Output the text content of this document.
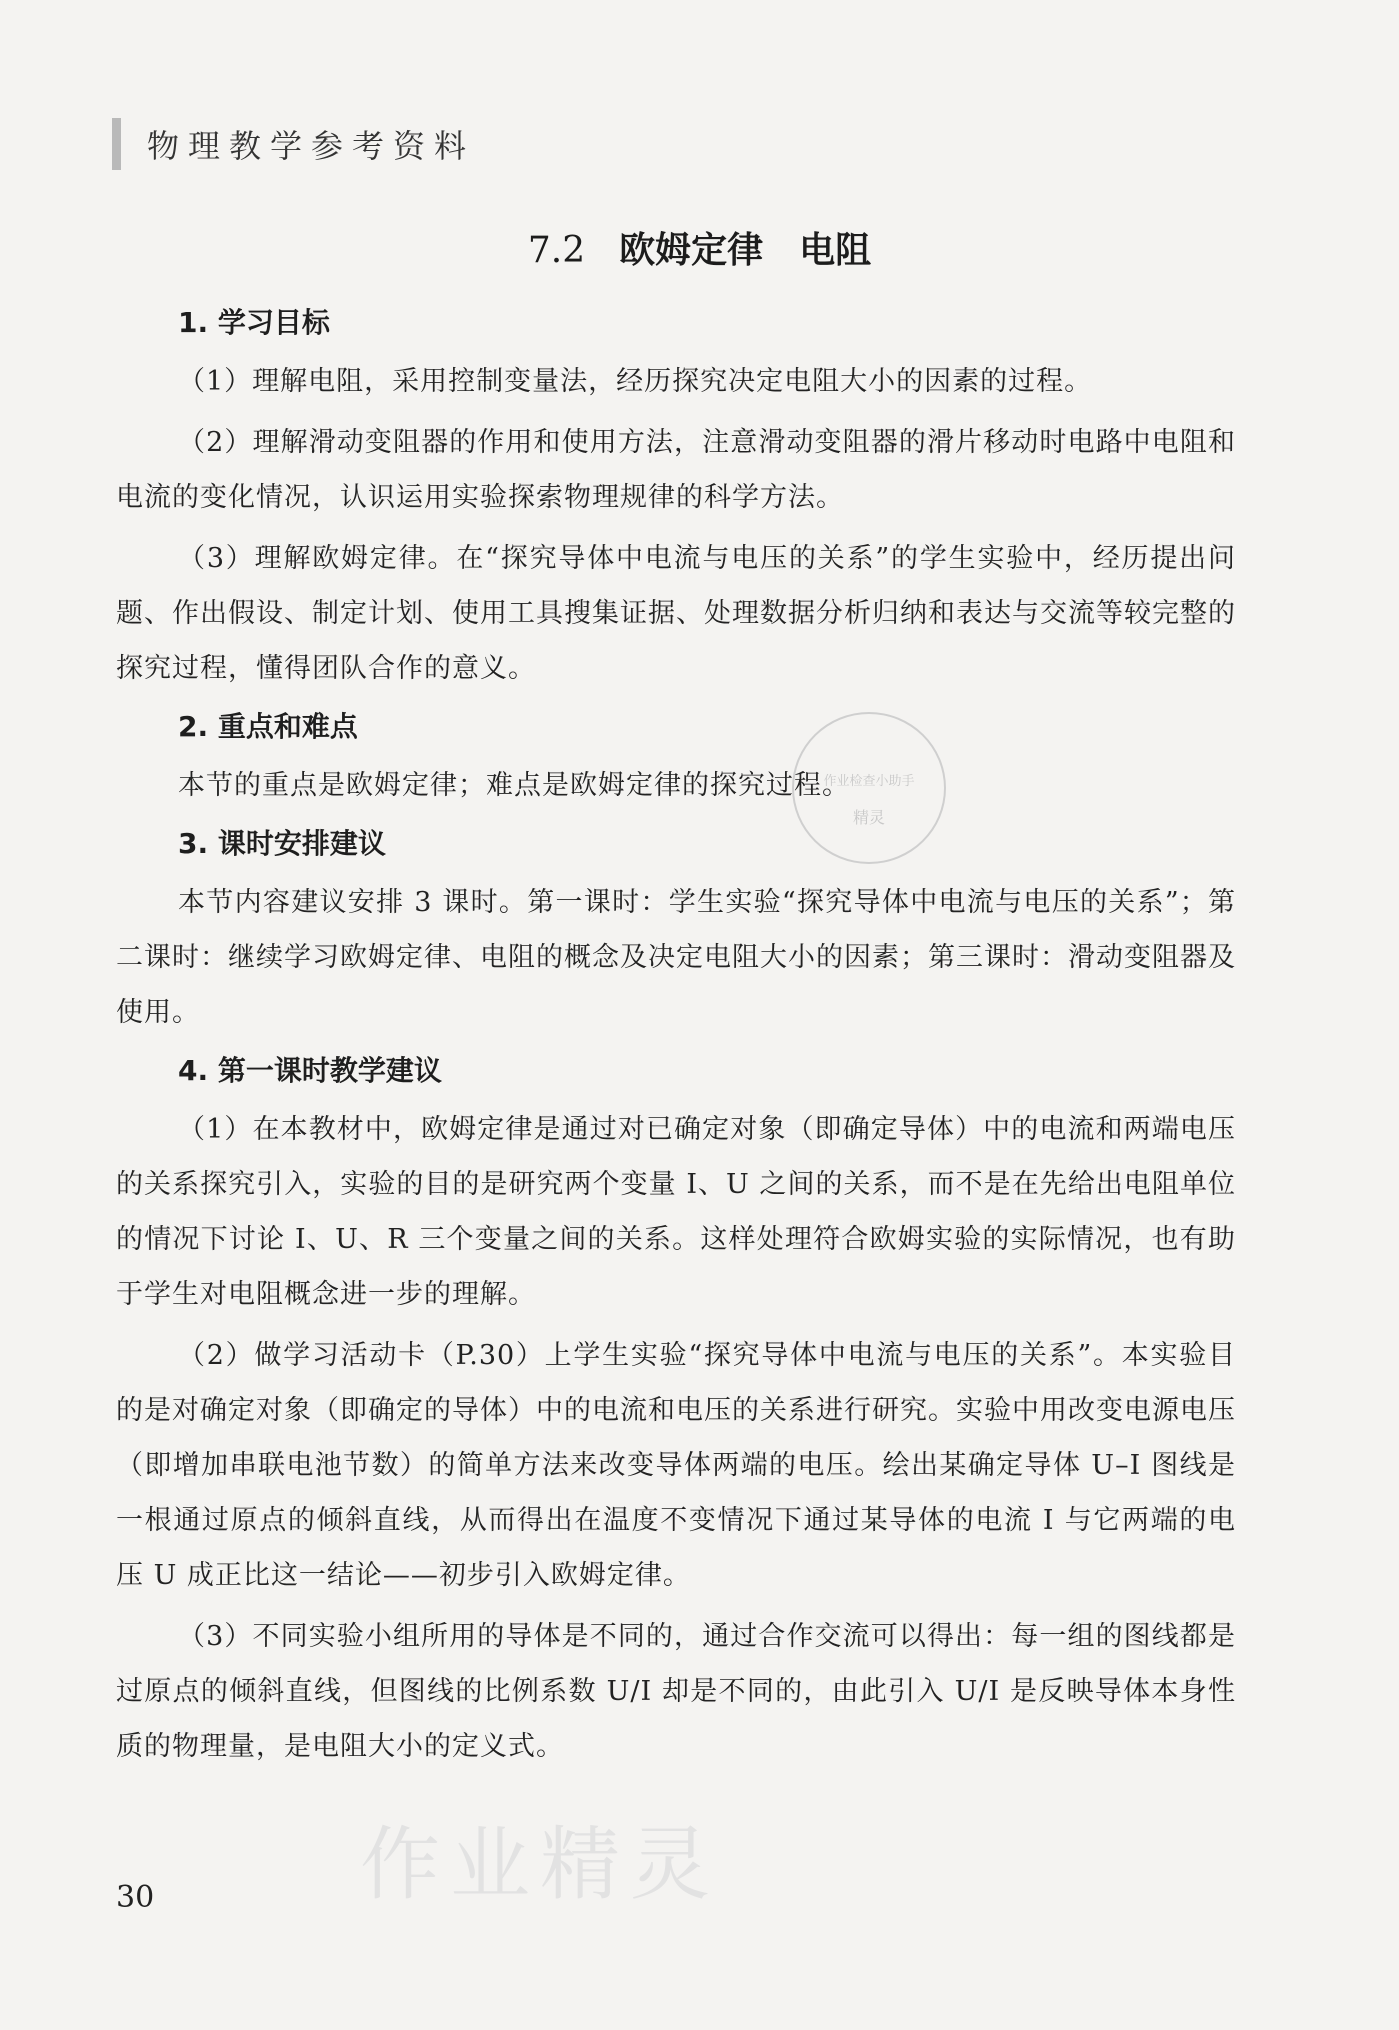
物理教学参考资料
7.2 欧姆定律　电阻
1. 学习目标

（1）理解电阻，采用控制变量法，经历探究决定电阻大小的因素的过程。

（2）理解滑动变阻器的作用和使用方法，注意滑动变阻器的滑片移动时电路中电阻和电流的变化情况，认识运用实验探索物理规律的科学方法。

（3）理解欧姆定律。在“探究导体中电流与电压的关系”的学生实验中，经历提出问题、作出假设、制定计划、使用工具搜集证据、处理数据分析归纳和表达与交流等较完整的探究过程，懂得团队合作的意义。

2. 重点和难点

本节的重点是欧姆定律；难点是欧姆定律的探究过程。

3. 课时安排建议

本节内容建议安排 3 课时。第一课时：学生实验“探究导体中电流与电压的关系”；第二课时：继续学习欧姆定律、电阻的概念及决定电阻大小的因素；第三课时：滑动变阻器及使用。

4. 第一课时教学建议

（1）在本教材中，欧姆定律是通过对已确定对象（即确定导体）中的电流和两端电压的关系探究引入，实验的目的是研究两个变量 I、U 之间的关系，而不是在先给出电阻单位的情况下讨论 I、U、R 三个变量之间的关系。这样处理符合欧姆实验的实际情况，也有助于学生对电阻概念进一步的理解。

（2）做学习活动卡（P.30）上学生实验“探究导体中电流与电压的关系”。本实验目的是对确定对象（即确定的导体）中的电流和电压的关系进行研究。实验中用改变电源电压（即增加串联电池节数）的简单方法来改变导体两端的电压。绘出某确定导体 U–I 图线是一根通过原点的倾斜直线，从而得出在温度不变情况下通过某导体的电流 I 与它两端的电压 U 成正比这一结论——初步引入欧姆定律。

（3）不同实验小组所用的导体是不同的，通过合作交流可以得出：每一组的图线都是过原点的倾斜直线，但图线的比例系数 U/I 却是不同的，由此引入 U/I 是反映导体本身性质的物理量，是电阻大小的定义式。

作业检查小助手
精灵
作业精灵
30
